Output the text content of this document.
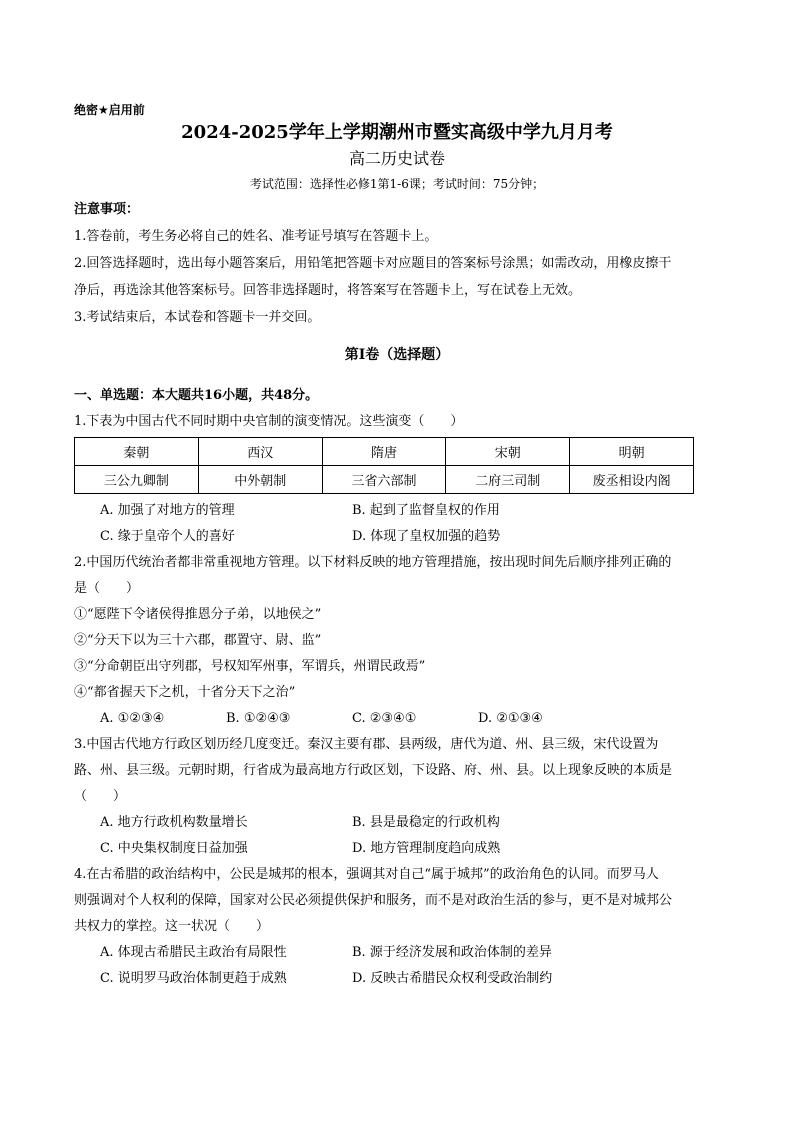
绝密★启用前
2024-2025学年上学期潮州市暨实高级中学九月月考
高二历史试卷
考试范围：选择性必修1第1-6课；考试时间：75分钟；
注意事项：
1.答卷前，考生务必将自己的姓名、准考证号填写在答题卡上。
2.回答选择题时，选出每小题答案后，用铅笔把答题卡对应题目的答案标号涂黑；如需改动，用橡皮擦干
净后，再选涂其他答案标号。回答非选择题时，将答案写在答题卡上，写在试卷上无效。
3.考试结束后，本试卷和答题卡一并交回。
第I卷（选择题）
一、单选题：本大题共16小题，共48分。
1.下表为中国古代不同时期中央官制的演变情况。这些演变（　　）
秦朝	西汉	隋唐	宋朝	明朝
三公九卿制	中外朝制	三省六部制	二府三司制	废丞相设内阁
A. 加强了对地方的管理	B. 起到了监督皇权的作用
C. 缘于皇帝个人的喜好	D. 体现了皇权加强的趋势
2.中国历代统治者都非常重视地方管理。以下材料反映的地方管理措施，按出现时间先后顺序排列正确的
是（　　）
①“愿陛下令诸侯得推恩分子弟，以地侯之”
②“分天下以为三十六郡，郡置守、尉、监”
③“分命朝臣出守列郡，号权知军州事，军谓兵，州谓民政焉”
④“都省握天下之机，十省分天下之治”
A. ①②③④	B. ①②④③	C. ②③④①	D. ②①③④
3.中国古代地方行政区划历经几度变迁。秦汉主要有郡、县两级，唐代为道、州、县三级，宋代设置为
路、州、县三级。元朝时期，行省成为最高地方行政区划，下设路、府、州、县。以上现象反映的本质是
（　　）
A. 地方行政机构数量增长	B. 县是最稳定的行政机构
C. 中央集权制度日益加强	D. 地方管理制度趋向成熟
4.在古希腊的政治结构中，公民是城邦的根本，强调其对自己“属于城邦”的政治角色的认同。而罗马人
则强调对个人权利的保障，国家对公民必须提供保护和服务，而不是对政治生活的参与，更不是对城邦公
共权力的掌控。这一状况（　　）
A. 体现古希腊民主政治有局限性	B. 源于经济发展和政治体制的差异
C. 说明罗马政治体制更趋于成熟	D. 反映古希腊民众权利受政治制约
